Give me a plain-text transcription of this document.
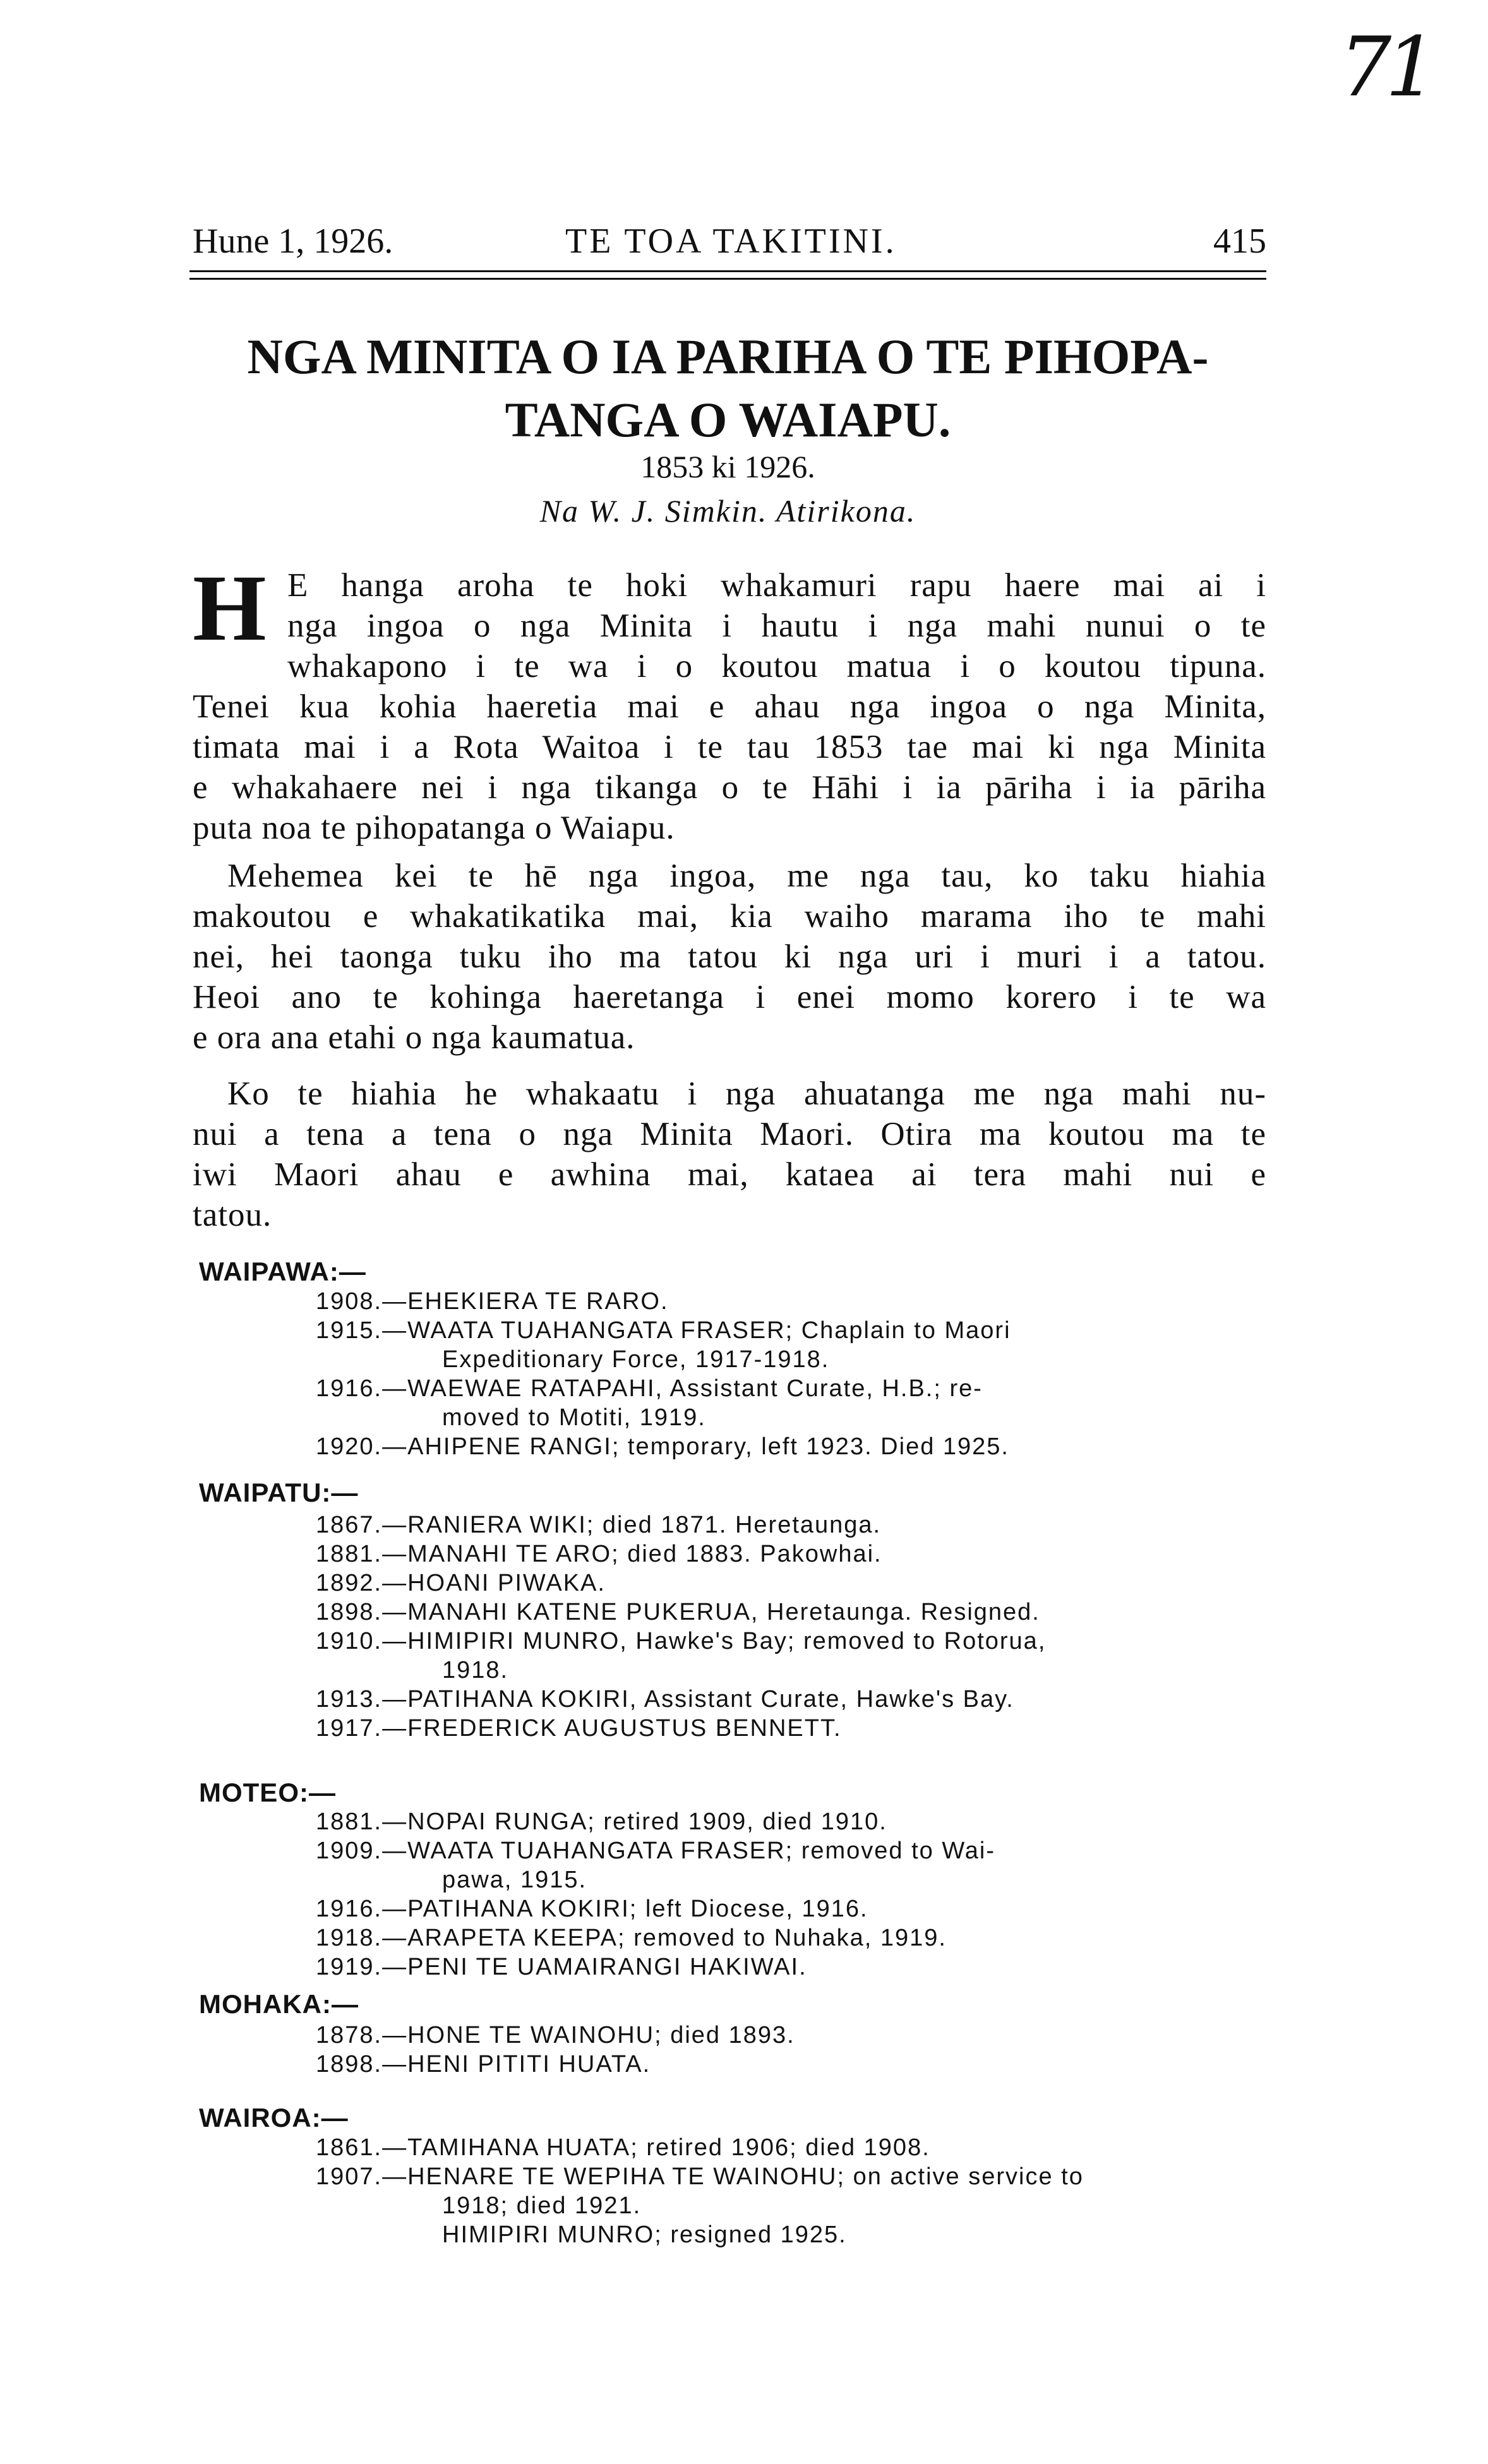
71
Hune 1, 1926.	TE TOA TAKITINI.	415
NGA MINITA O IA PARIHA O TE PIHOPA-
TANGA O WAIAPU.
1853 ki 1926.
Na W. J. Simkin. Atirikona.
H E hanga aroha te hoki whakamuri rapu haere mai ai i
nga ingoa o nga Minita i hautu i nga mahi nunui o te
whakapono i te wa i o koutou matua i o koutou tipuna.
Tenei kua kohia haeretia mai e ahau nga ingoa o nga Minita,
timata mai i a Rota Waitoa i te tau 1853 tae mai ki nga Minita
e whakahaere nei i nga tikanga o te Hāhi i ia pāriha i ia pāriha
puta noa te pihopatanga o Waiapu.
Mehemea kei te hē nga ingoa, me nga tau, ko taku hiahia
makoutou e whakatikatika mai, kia waiho marama iho te mahi
nei, hei taonga tuku iho ma tatou ki nga uri i muri i a tatou.
Heoi ano te kohinga haeretanga i enei momo korero i te wa
e ora ana etahi o nga kaumatua.
Ko te hiahia he whakaatu i nga ahuatanga me nga mahi nu-
nui a tena a tena o nga Minita Maori. Otira ma koutou ma te
iwi Maori ahau e awhina mai, kataea ai tera mahi nui e
tatou.
WAIPAWA:—
1908.—EHEKIERA TE RARO.
1915.—WAATA TUAHANGATA FRASER; Chaplain to Maori
Expeditionary Force, 1917-1918.
1916.—WAEWAE RATAPAHI, Assistant Curate, H.B.; re-
moved to Motiti, 1919.
1920.—AHIPENE RANGI; temporary, left 1923. Died 1925.
WAIPATU:—
1867.—RANIERA WIKI; died 1871. Heretaunga.
1881.—MANAHI TE ARO; died 1883. Pakowhai.
1892.—HOANI PIWAKA.
1898.—MANAHI KATENE PUKERUA, Heretaunga. Resigned.
1910.—HIMIPIRI MUNRO, Hawke's Bay; removed to Rotorua,
1918.
1913.—PATIHANA KOKIRI, Assistant Curate, Hawke's Bay.
1917.—FREDERICK AUGUSTUS BENNETT.
MOTEO:—
1881.—NOPAI RUNGA; retired 1909, died 1910.
1909.—WAATA TUAHANGATA FRASER; removed to Wai-
pawa, 1915.
1916.—PATIHANA KOKIRI; left Diocese, 1916.
1918.—ARAPETA KEEPA; removed to Nuhaka, 1919.
1919.—PENI TE UAMAIRANGI HAKIWAI.
MOHAKA:—
1878.—HONE TE WAINOHU; died 1893.
1898.—HENI PITITI HUATA.
WAIROA:—
1861.—TAMIHANA HUATA; retired 1906; died 1908.
1907.—HENARE TE WEPIHA TE WAINOHU; on active service to
1918; died 1921.
HIMIPIRI MUNRO; resigned 1925.
